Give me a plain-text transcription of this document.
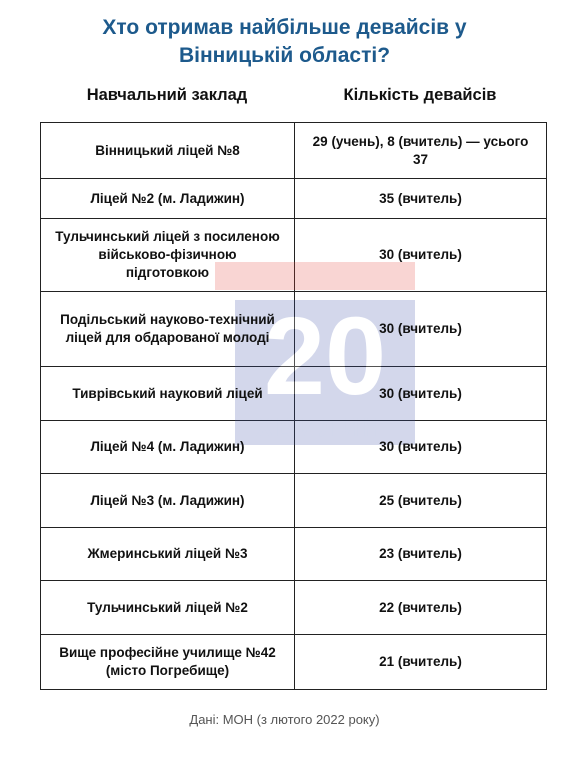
Хто отримав найбільше девайсів у
Вінницькій області?
Навчальний заклад	Кількість девайсів
20
ХВИЛИН
Вінницький ліцей №8	29 (учень), 8 (вчитель) — усього 37
Ліцей №2 (м. Ладижин)	35 (вчитель)
Тульчинський ліцей з посиленою військово-фізичною підготовкою	30 (вчитель)
Подільський науково-технічний ліцей для обдарованої молоді	30 (вчитель)
Тиврівський науковий ліцей	30 (вчитель)
Ліцей №4 (м. Ладижин)	30 (вчитель)
Ліцей №3 (м. Ладижин)	25 (вчитель)
Жмеринський ліцей №3	23 (вчитель)
Тульчинський ліцей №2	22 (вчитель)
Вище професійне училище №42 (місто Погребище)	21 (вчитель)
Дані: МОН (з лютого 2022 року)
